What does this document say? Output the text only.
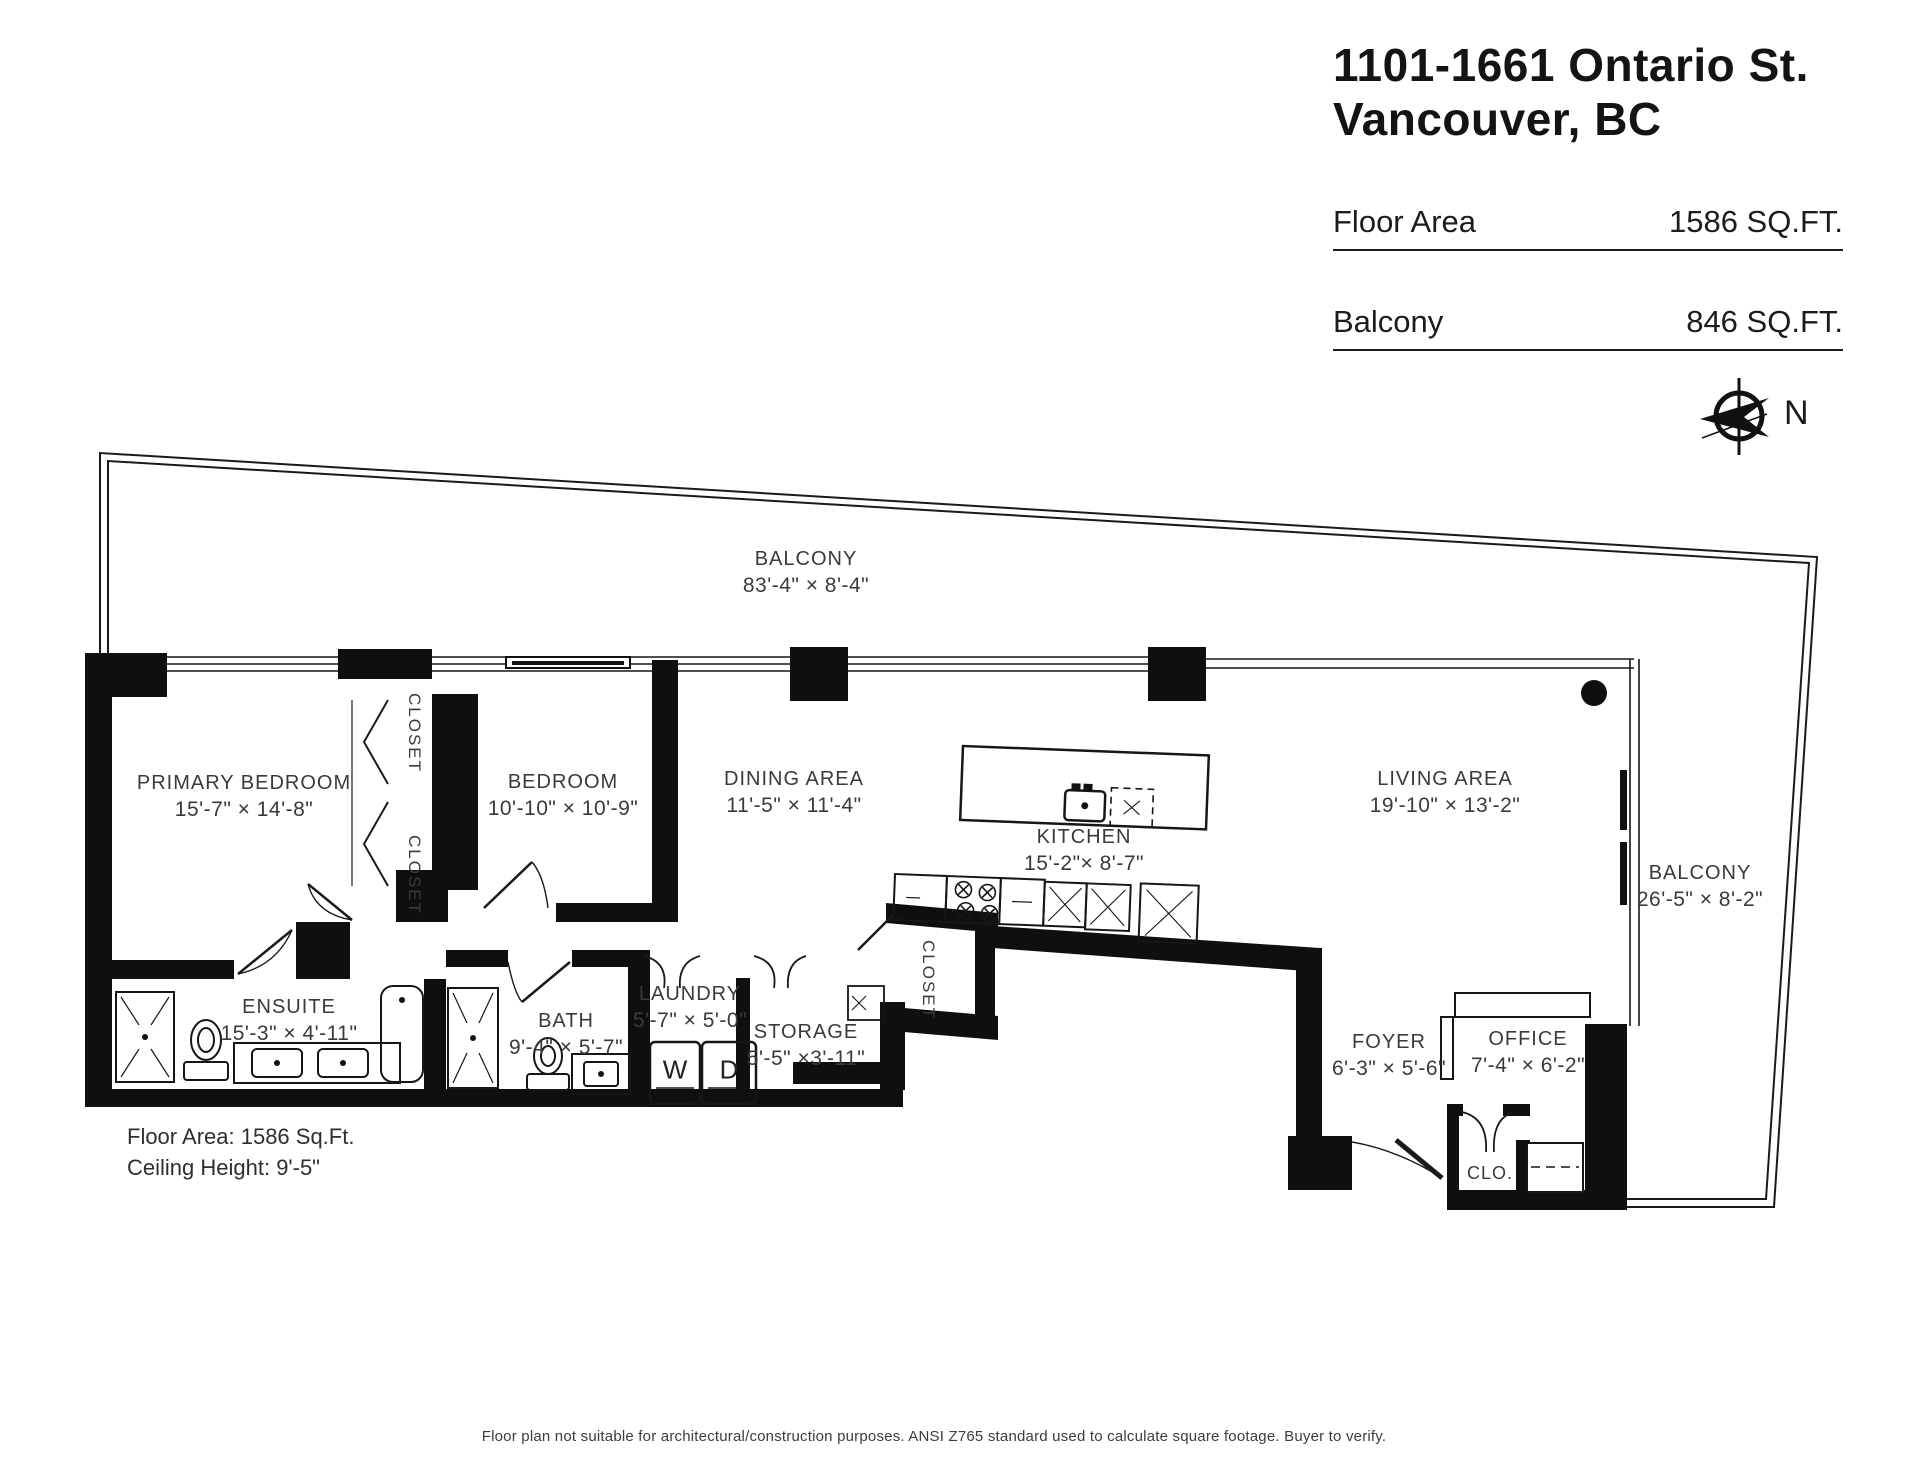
1101-1661 Ontario St.
Vancouver, BC
Floor Area	1586 SQ.FT.
Balcony	846 SQ.FT.
N
BALCONY
83'-4" × 8'-4"
PRIMARY BEDROOM
15'-7" × 14'-8"
BEDROOM
10'-10" × 10'-9"
DINING AREA
11'-5" × 11'-4"
KITCHEN
15'-2"× 8'-7"
LIVING AREA
19'-10" × 13'-2"
BALCONY
26'-5" × 8'-2"
ENSUITE
15'-3" × 4'-11"
BATH
9'-4" × 5'-7"
LAUNDRY
5'-7" × 5'-0" STORAGE
5'-5" ×3'-11"
FOYER
6'-3" × 5'-6"
OFFICE
7'-4" × 6'-2"
CLOSET
CLOSET
CLOSET
CLO.
W D
Floor Area: 1586 Sq.Ft.
Ceiling Height: 9'-5"
Floor plan not suitable for architectural/construction purposes. ANSI Z765 standard used to calculate square footage. Buyer to verify.
